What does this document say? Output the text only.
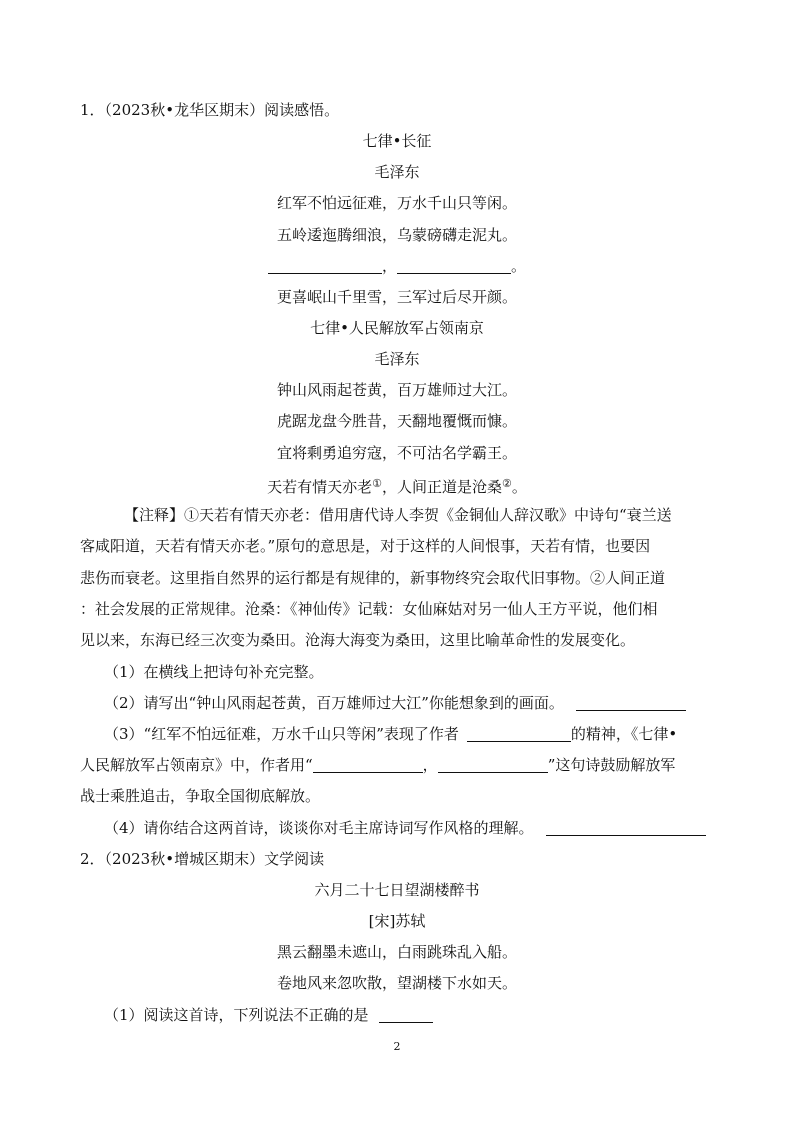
1．（2023秋•龙华区期末）阅读感悟。
七律•长征
毛泽东
红军不怕远征难，万水千山只等闲。
五岭逶迤腾细浪，乌蒙磅礴走泥丸。
，	。
更喜岷山千里雪，三军过后尽开颜。
七律•人民解放军占领南京
毛泽东
钟山风雨起苍黄，百万雄师过大江。
虎踞龙盘今胜昔，天翻地覆慨而慷。
宜将剩勇追穷寇，不可沽名学霸王。
天若有情天亦老①，人间正道是沧桑②。
【注释】①天若有情天亦老：借用唐代诗人李贺《金铜仙人辞汉歌》中诗句“衰兰送
客咸阳道，天若有情天亦老。”原句的意思是，对于这样的人间恨事，天若有情，也要因
悲伤而衰老。这里指自然界的运行都是有规律的，新事物终究会取代旧事物。②人间正道
：社会发展的正常规律。沧桑：《神仙传》记载：女仙麻姑对另一仙人王方平说，他们相
见以来，东海已经三次变为桑田。沧海大海变为桑田，这里比喻革命性的发展变化。
（1）在横线上把诗句补充完整。
（2）请写出“钟山风雨起苍黄，百万雄师过大江”你能想象到的画面。
（3）“红军不怕远征难，万水千山只等闲”表现了作者	的精神，《七律•
人民解放军占领南京》中，作者用“	，	”这句诗鼓励解放军
战士乘胜追击，争取全国彻底解放。
（4）请你结合这两首诗，谈谈你对毛主席诗词写作风格的理解。
2．（2023秋•增城区期末）文学阅读
六月二十七日望湖楼醉书
[宋]苏轼
黑云翻墨未遮山，白雨跳珠乱入船。
卷地风来忽吹散，望湖楼下水如天。
（1）阅读这首诗，下列说法不正确的是
2
